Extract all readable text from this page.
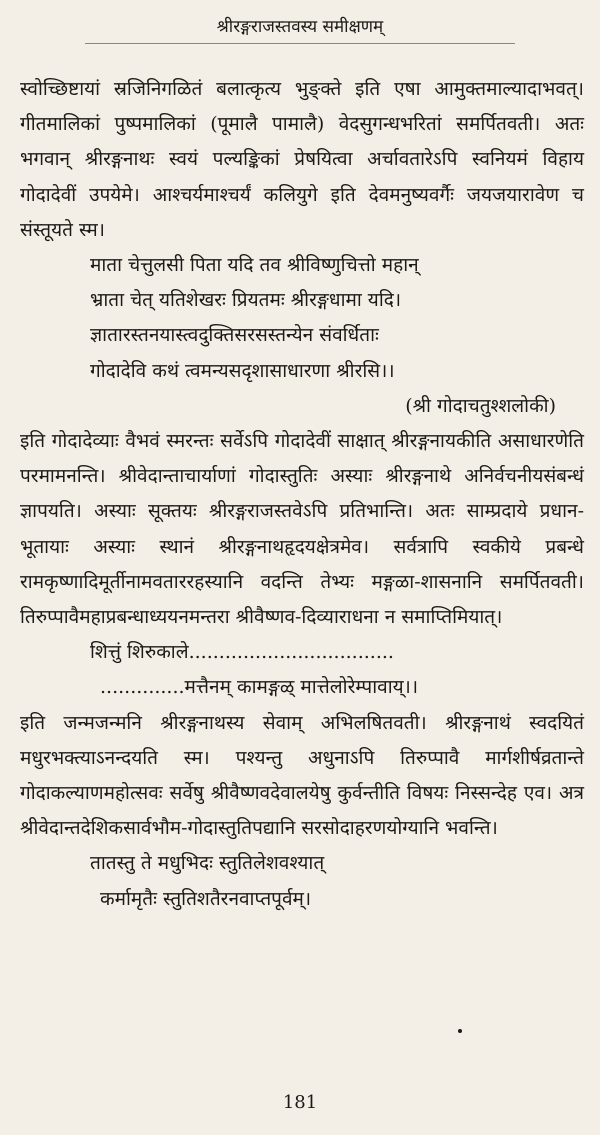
श्रीरङ्गराजस्तवस्य समीक्षणम्

स्वोच्छिष्टायां स्रजिनिगळितं बलात्कृत्य भुङ्क्ते इति एषा आमुक्तमाल्यादाभवत्। गीतमालिकां पुष्पमालिकां (पूमालै पामालै) वेदसुगन्धभरितां समर्पितवती। अतः भगवान् श्रीरङ्गनाथः स्वयं पल्यङ्किकां प्रेषयित्वा अर्चावतारेऽपि स्वनियमं विहाय गोदादेवीं उपयेमे। आश्चर्यमाश्चर्यं कलियुगे इति देवमनुष्यवर्गैः जयजयारावेण च संस्तूयते स्म।

माता चेत्तुलसी पिता यदि तव श्रीविष्णुचित्तो महान्

भ्राता चेत् यतिशेखरः प्रियतमः श्रीरङ्गधामा यदि।

ज्ञातारस्तनयास्त्वदुक्तिसरसस्तन्येन संवर्धिताः

गोदादेवि कथं त्वमन्यसदृशासाधारणा श्रीरसि।।

(श्री गोदाचतुश्शलोकी)

इति गोदादेव्याः वैभवं स्मरन्तः सर्वेऽपि गोदादेवीं साक्षात् श्रीरङ्गनायकीति असाधारणेति परमामनन्ति। श्रीवेदान्ताचार्याणां गोदास्तुतिः अस्याः श्रीरङ्गनाथे अनिर्वचनीयसंबन्धं ज्ञापयति। अस्याः सूक्तयः श्रीरङ्गराजस्तवेऽपि प्रतिभान्ति। अतः साम्प्रदाये प्रधान-भूतायाः अस्याः स्थानं श्रीरङ्गनाथहृदयक्षेत्रमेव। सर्वत्रापि स्वकीये प्रबन्धे रामकृष्णादिमूर्तीनामवताररहस्यानि वदन्ति तेभ्यः मङ्गळा-शासनानि समर्पितवती। तिरुप्पावैमहाप्रबन्धाध्ययनमन्तरा श्रीवैष्णव-दिव्याराधना न समाप्तिमियात्।

शित्तुं शिरुकाले..................................

..............मत्तैनम् कामङ्गळ् मात्तेलोरेम्पावाय्।।

इति जन्मजन्मनि श्रीरङ्गनाथस्य सेवाम् अभिलषितवती। श्रीरङ्गनाथं स्वदयितं मधुरभक्त्याऽनन्दयति स्म। पश्यन्तु अधुनाऽपि तिरुप्पावै मार्गशीर्षव्रतान्ते गोदाकल्याणमहोत्सवः सर्वेषु श्रीवैष्णवदेवालयेषु कुर्वन्तीति विषयः निस्सन्देह एव। अत्र श्रीवेदान्तदेशिकसार्वभौम-गोदास्तुतिपद्यानि सरसोदाहरणयोग्यानि भवन्ति।

तातस्तु ते मधुभिदः स्तुतिलेशवश्यात्

कर्मामृतैः स्तुतिशतैरनवाप्तपूर्वम्।

181
